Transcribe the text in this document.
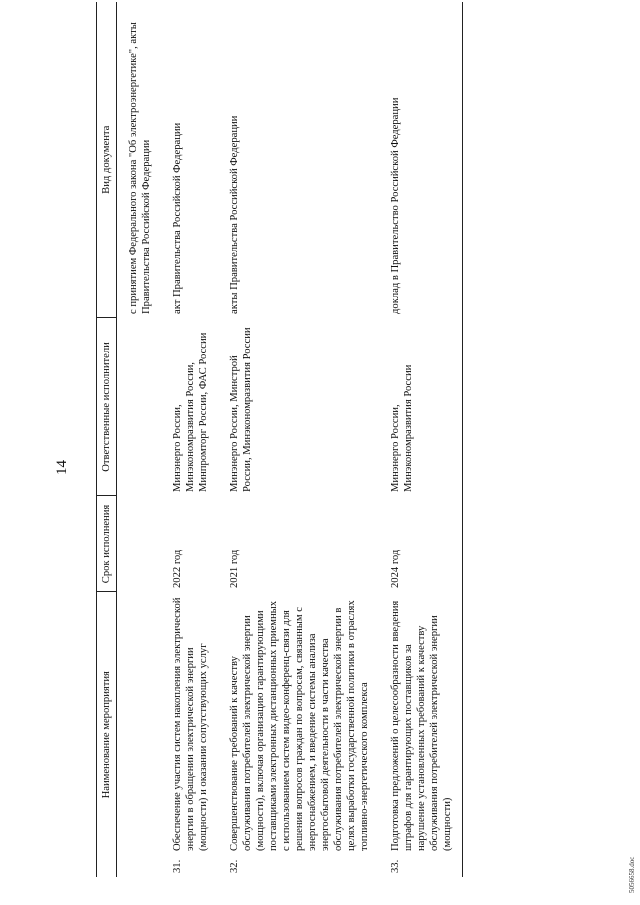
14
Наименование мероприятия		Срок исполнения	Ответственные исполнители	Вид документа
				с принятием Федерального закона "Об электроэнергетике", акты Правительства Российской Федерации
31.	Обеспечение участия систем накопления электрической энергии в обращении электрической энергии (мощности) и оказании сопутствующих услуг	2022 год	Минэнерго России, Минэкономразвития России, Минпромторг России, ФАС России	акт Правительства Российской Федерации
32.	Совершенствование требований к качеству обслуживания потребителей электрической энергии (мощности), включая организацию гарантирующими поставщиками электронных дистанционных приемных с использованием систем видео-конференц-связи для решения вопросов граждан по вопросам, связанным с энергоснабжением, и введение системы анализа энергосбытовой деятельности в части качества обслуживания потребителей электрической энергии в целях выработки государственной политики в отраслях топливно-энергетического комплекса	2021 год	Минэнерго России, Минстрой России, Минэкономразвития России	акты Правительства Российской Федерации
33.	Подготовка предложений о целесообразности введения штрафов для гарантирующих поставщиков за нарушение установленных требований к качеству обслуживания потребителей электрической энергии (мощности)	2024 год	Минэнерго России, Минэкономразвития России	доклад в Правительство Российской Федерации
5056658.doc
